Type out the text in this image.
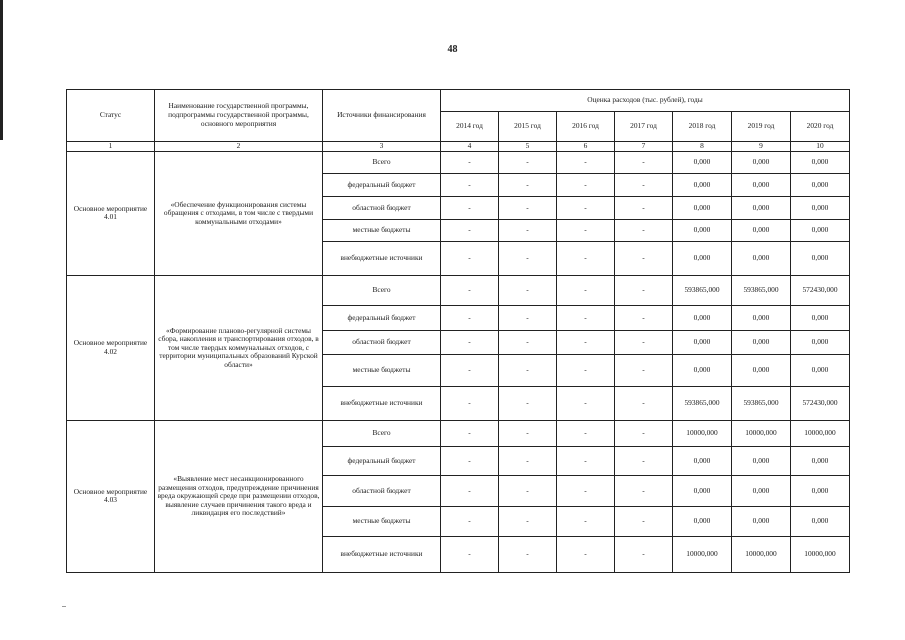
48
Статус	Наименование государственной программы, подпрограммы государственной программы, основного мероприятия	Источники финансирования	Оценка расходов (тыс. рублей), годы						
			2014 год	2015 год	2016 год	2017 год	2018 год	2019 год	2020 год
1	2	3	4	5	6	7	8	9	10
Основное мероприятие 4.01	«Обеспечение функционирования системы обращения с отходами, в том числе с твердыми коммунальными отходами»	Всего	-	-	-	-	0,000	0,000	0,000
		федеральный бюджет	-	-	-	-	0,000	0,000	0,000
		областной бюджет	-	-	-	-	0,000	0,000	0,000
		местные бюджеты	-	-	-	-	0,000	0,000	0,000
		внебюджетные источники	-	-	-	-	0,000	0,000	0,000
Основное мероприятие 4.02	«Формирование планово-регулярной системы сбора, накопления и транспортирования отходов, в том числе твердых коммунальных отходов, с территории муниципальных образований Курской области»	Всего	-	-	-	-	593865,000	593865,000	572430,000
		федеральный бюджет	-	-	-	-	0,000	0,000	0,000
		областной бюджет	-	-	-	-	0,000	0,000	0,000
		местные бюджеты	-	-	-	-	0,000	0,000	0,000
		внебюджетные источники	-	-	-	-	593865,000	593865,000	572430,000
Основное мероприятие 4.03	«Выявление мест несанкционированного размещения отходов, предупреждение причинения вреда окружающей среде при размещении отходов, выявление случаев причинения такого вреда и ликвидация его последствий»	Всего	-	-	-	-	10000,000	10000,000	10000,000
		федеральный бюджет	-	-	-	-	0,000	0,000	0,000
		областной бюджет	-	-	-	-	0,000	0,000	0,000
		местные бюджеты	-	-	-	-	0,000	0,000	0,000
		внебюджетные источники	-	-	-	-	10000,000	10000,000	10000,000
